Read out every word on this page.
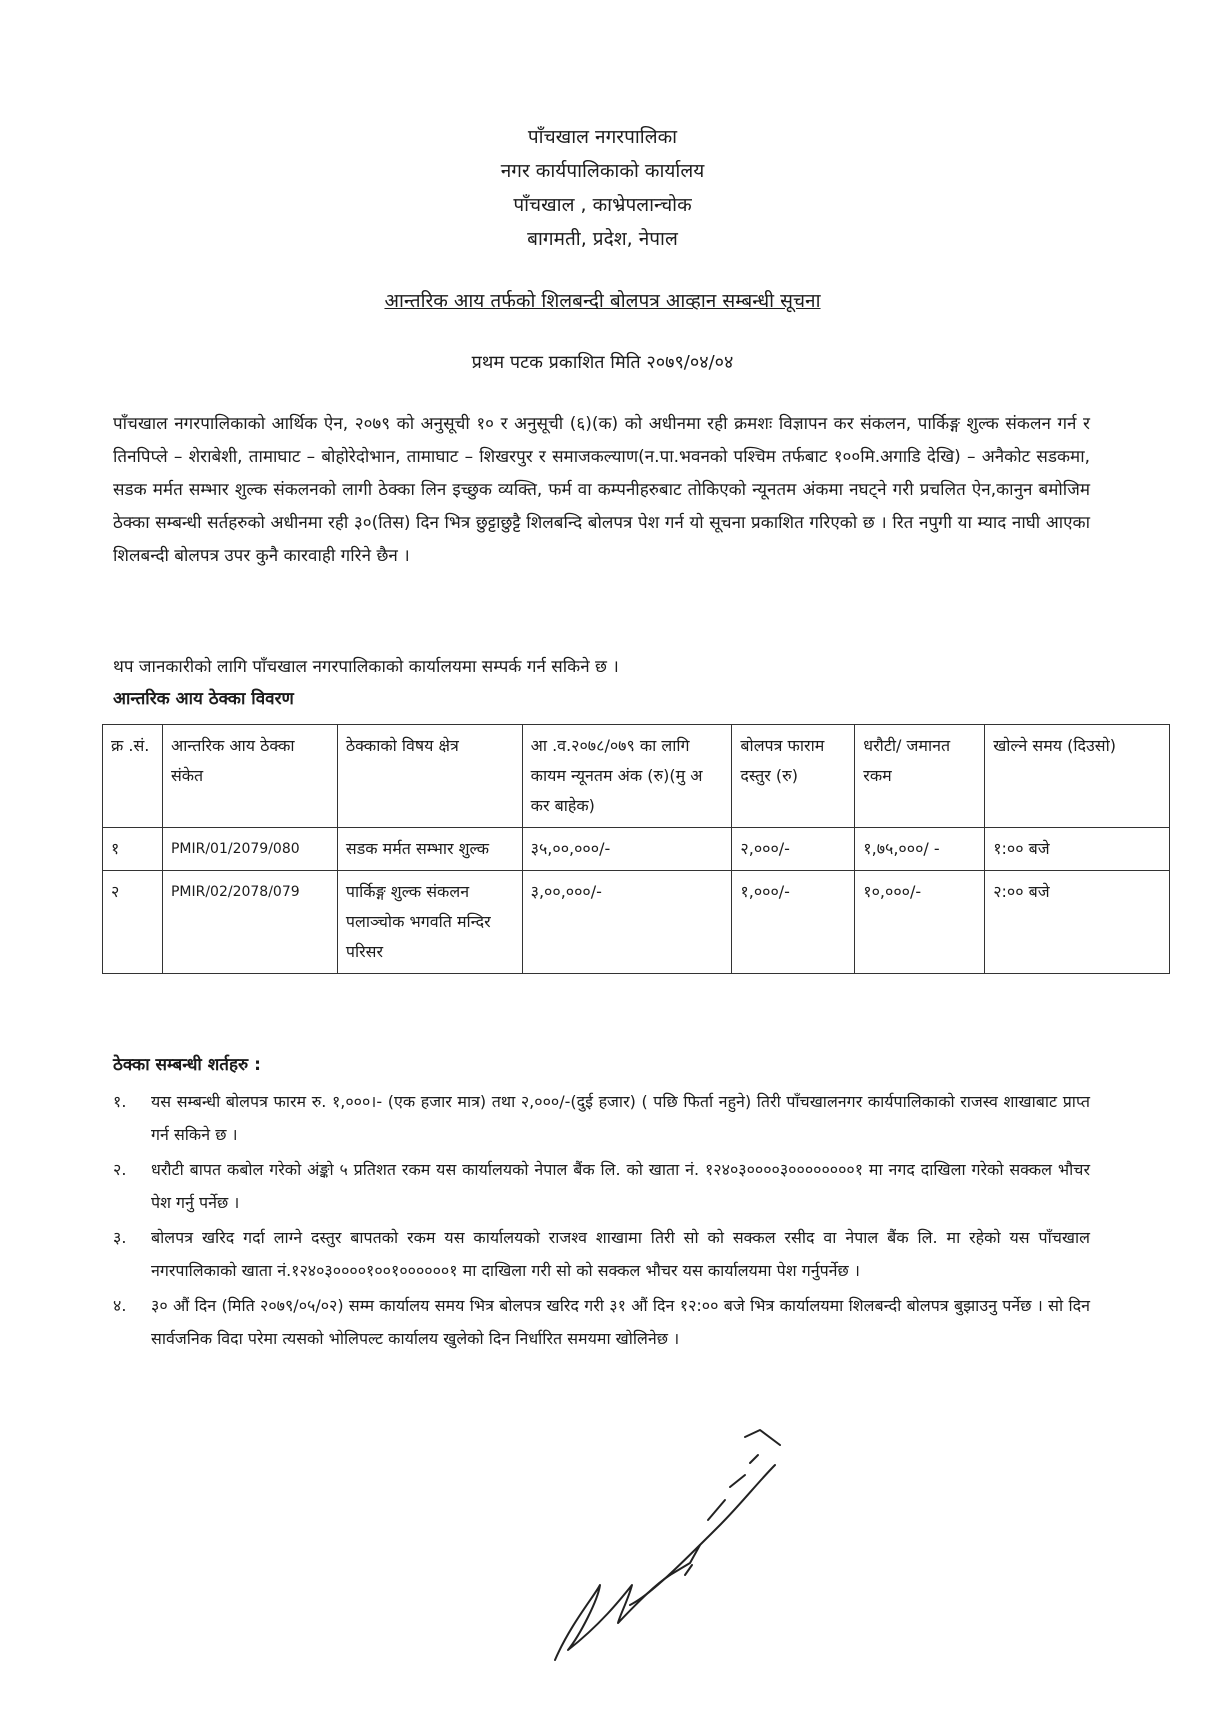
पाँचखाल नगरपालिका
नगर कार्यपालिकाको कार्यालय
पाँचखाल , काभ्रेपलान्चोक
बागमती, प्रदेश, नेपाल
आन्तरिक आय तर्फको शिलबन्दी बोलपत्र आव्हान सम्बन्धी सूचना
प्रथम पटक प्रकाशित मिति २०७९/०४/०४
पाँचखाल नगरपालिकाको आर्थिक ऐन, २०७९ को अनुसूची १० र अनुसूची (६)(क) को अधीनमा रही क्रमशः विज्ञापन कर संकलन, पार्किङ्ग शुल्क संकलन गर्न र तिनपिप्ले – शेराबेशी, तामाघाट – बोहोरेदोभान, तामाघाट – शिखरपुर र समाजकल्याण(न.पा.भवनको पश्चिम तर्फबाट १००मि.अगाडि देखि) – अनैकोट सडकमा, सडक मर्मत सम्भार शुल्क संकलनको लागी ठेक्का लिन इच्छुक व्यक्ति, फर्म वा कम्पनीहरुबाट तोकिएको न्यूनतम अंकमा नघट्ने गरी प्रचलित ऐन,कानुन बमोजिम ठेक्का सम्बन्धी सर्तहरुको अधीनमा रही ३०(तिस) दिन भित्र छुट्टाछुट्टै शिलबन्दि बोलपत्र पेश गर्न यो सूचना प्रकाशित गरिएको छ । रित नपुगी या म्याद नाघी आएका शिलबन्दी बोलपत्र उपर कुनै कारवाही गरिने छैन ।
थप जानकारीको लागि पाँचखाल नगरपालिकाको कार्यालयमा सम्पर्क गर्न सकिने छ ।
आन्तरिक आय ठेक्का विवरण
क्र .सं.	आन्तरिक आय ठेक्का संकेत	ठेक्काको विषय क्षेत्र	आ .व.२०७८/०७९ का लागि कायम न्यूनतम अंक (रु)(मु अ कर बाहेक)	बोलपत्र फाराम दस्तुर (रु)	धरौटी/ जमानत रकम	खोल्ने समय (दिउसो)
१	PMIR/01/2079/080	सडक मर्मत सम्भार शुल्क	३५,००,०००/-	२,०००/-	१,७५,०००/ -	१:०० बजे
२	PMIR/02/2078/079	पार्किङ्ग शुल्क संकलन पलाञ्चोक भगवति मन्दिर परिसर	३,००,०००/-	१,०००/-	१०,०००/-	२:०० बजे
ठेक्का सम्बन्धी शर्तहरु :
१.	यस सम्बन्धी बोलपत्र फारम रु. १,०००।- (एक हजार मात्र) तथा २,०००/-(दुई हजार) ( पछि फिर्ता नहुने) तिरी पाँचखालनगर कार्यपालिकाको राजस्व शाखाबाट प्राप्त गर्न सकिने छ ।
२.	धरौटी बापत कबोल गरेको अंङ्को ५ प्रतिशत रकम यस कार्यालयको नेपाल बैंक लि. को खाता नं. १२४०३००००३००००००००१ मा नगद दाखिला गरेको सक्कल भौचर पेश गर्नु पर्नेछ ।
३.	बोलपत्र खरिद गर्दा लाग्ने दस्तुर बापतको रकम यस कार्यालयको राजश्व शाखामा तिरी सो को सक्कल रसीद वा नेपाल बैंक लि. मा रहेको यस पाँचखाल नगरपालिकाको खाता नं.१२४०३००००१००१००००००१ मा दाखिला गरी सो को सक्कल भौचर यस कार्यालयमा पेश गर्नुपर्नेछ ।
४.	३० औं दिन (मिति २०७९/०५/०२) सम्म कार्यालय समय भित्र बोलपत्र खरिद गरी ३१ औं दिन १२:०० बजे भित्र कार्यालयमा शिलबन्दी बोलपत्र बुझाउनु पर्नेछ । सो दिन सार्वजनिक विदा परेमा त्यसको भोलिपल्ट कार्यालय खुलेको दिन निर्धारित समयमा खोलिनेछ ।
